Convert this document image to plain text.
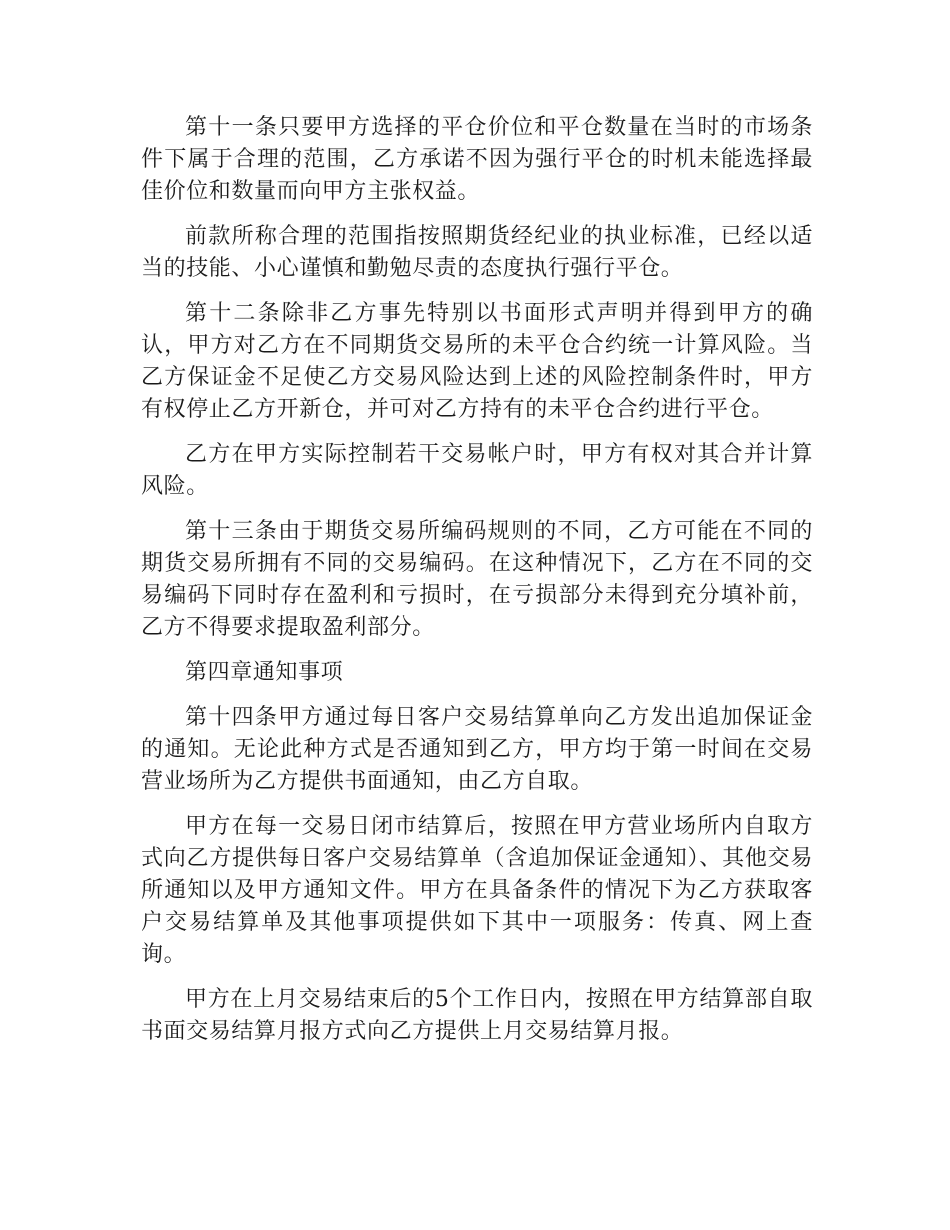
第十一条只要甲方选择的平仓价位和平仓数量在当时的市场条件下属于合理的范围，乙方承诺不因为强行平仓的时机未能选择最佳价位和数量而向甲方主张权益。

前款所称合理的范围指按照期货经纪业的执业标准，已经以适当的技能、小心谨慎和勤勉尽责的态度执行强行平仓。

第十二条除非乙方事先特别以书面形式声明并得到甲方的确认，甲方对乙方在不同期货交易所的未平仓合约统一计算风险。当乙方保证金不足使乙方交易风险达到上述的风险控制条件时，甲方有权停止乙方开新仓，并可对乙方持有的未平仓合约进行平仓。

乙方在甲方实际控制若干交易帐户时，甲方有权对其合并计算风险。

第十三条由于期货交易所编码规则的不同，乙方可能在不同的期货交易所拥有不同的交易编码。在这种情况下，乙方在不同的交易编码下同时存在盈利和亏损时，在亏损部分未得到充分填补前，乙方不得要求提取盈利部分。

第四章通知事项

第十四条甲方通过每日客户交易结算单向乙方发出追加保证金的通知。无论此种方式是否通知到乙方，甲方均于第一时间在交易营业场所为乙方提供书面通知，由乙方自取。

甲方在每一交易日闭市结算后，按照在甲方营业场所内自取方式向乙方提供每日客户交易结算单（含追加保证金通知）、其他交易所通知以及甲方通知文件。甲方在具备条件的情况下为乙方获取客户交易结算单及其他事项提供如下其中一项服务：传真、网上查询。

甲方在上月交易结束后的5个工作日内，按照在甲方结算部自取书面交易结算月报方式向乙方提供上月交易结算月报。
